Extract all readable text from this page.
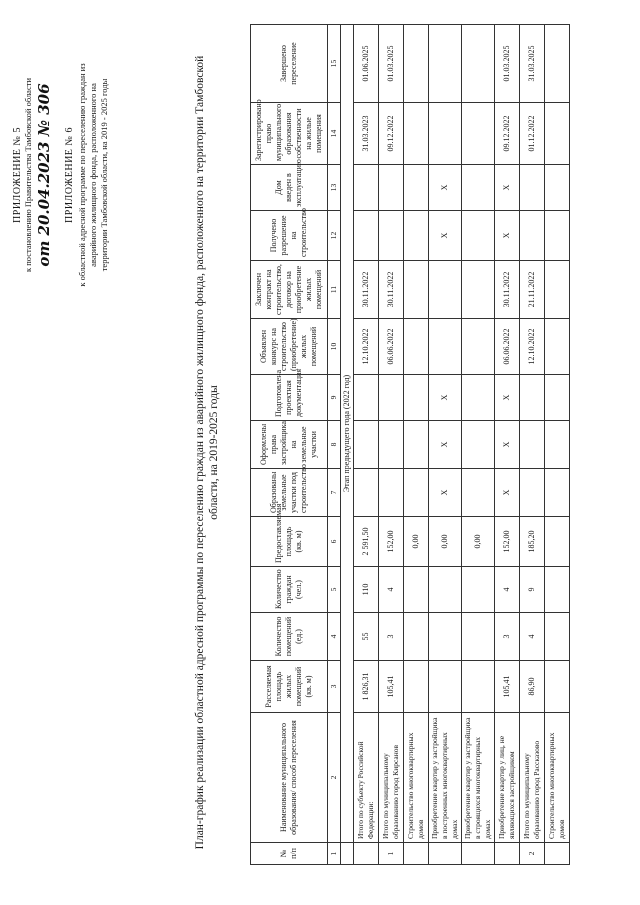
ПРИЛОЖЕНИЕ № 5 к постановлению Правительства Тамбовской области от 20.04.2023 № 306 ПРИЛОЖЕНИЕ № 6 к областной адресной программе по переселению граждан из аварийного жилищного фонда, расположенного на территории Тамбовской области, на 2019 - 2025 годы	План-график реализации областной адресной программы по переселению граждан из аварийного жилищного фонда, расположенного на территории Тамбовской области, на 2019-2025 годы
№ п/п	Наименование муниципального образования/ способ переселения	Расселяемая площадь жилых помещений (кв. м)	Количество помещений (ед.)	Количество граждан (чел.)	Предоставляемая площадь (кв. м)	Образованы земельные участки под строительство	Оформлены права застройщика на земельные участки	Подготовлена проектная документация	Объявлен конкурс на строительство (приобретение) жилых помещений	Заключен контракт на строительство, договор на приобретение жилых помещений	Получено разрешение на строительство	Дом введен в эксплуатацию	Зарегистрировано право муниципального образования собственности на жилые помещения	Завершено переселение
1	2	3	4	5	6	7	8	9	10	11	12	13	14	15
	Этап предыдущего года (2022 год)													
	Итого по субъекту Российской Федерации:	1 826,31	55	110	2 591,50				12.10.2022	30.11.2022			31.03.2023	01.06.2025
1	Итого по муниципальному образованию город Кирсанов	105,41	3	4	152,00				06.06.2022	30.11.2022			09.12.2022	01.03.2025
	Строительство многоквартирных домов				0,00									
	Приобретение квартир у застройщика в построенных многоквартирных домах				0,00	Х	Х	Х			Х	Х		
	Приобретение квартир у застройщика в строящихся многоквартирных домах				0,00									
	Приобретение квартир у лиц, не являющихся застройщиком	105,41	3	4	152,00	Х	Х	Х	06.06.2022	30.11.2022	Х	Х	09.12.2022	01.03.2025
2	Итого по муниципальному образованию город Рассказово	86,90	4	9	185,20				12.10.2022	21.11.2022			01.12.2022	31.03.2025
	Строительство многоквартирных домов													
